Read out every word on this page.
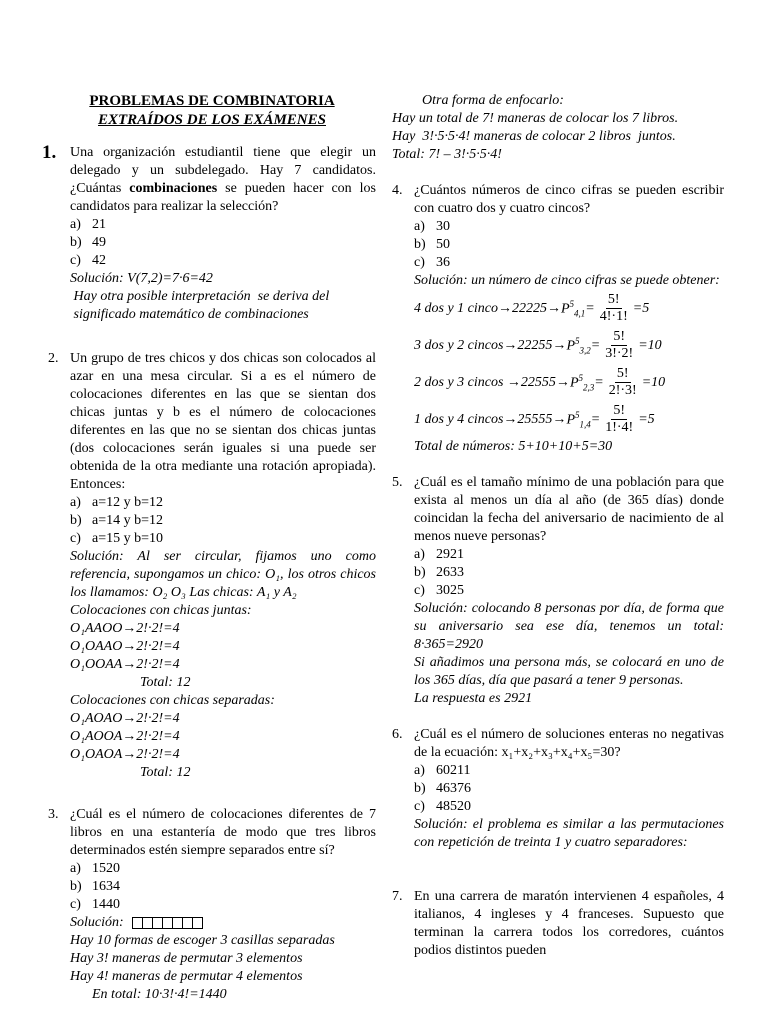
PROBLEMAS DE COMBINATORIA
EXTRAÍDOS DE LOS EXÁMENES
1. Una organización estudiantil tiene que elegir un delegado y un subdelegado. Hay 7 candidatos. ¿Cuántas combinaciones se pueden hacer con los candidatos para realizar la selección?
a) 21
b) 49
c) 42
Solución: V(7,2)=7·6=42
Hay otra posible interpretación  se deriva del
significado matemático de combinaciones
2. Un grupo de tres chicos y dos chicas son colocados al azar en una mesa circular. Si a es el número de colocaciones diferentes en las que se sientan dos chicas juntas y b es el número de colocaciones diferentes en las que no se sientan dos chicas juntas (dos colocaciones serán iguales si una puede ser obtenida de la otra mediante una rotación apropiada). Entonces:
a) a=12 y b=12
b) a=14 y b=12
c) a=15 y b=10
Solución: Al ser circular, fijamos uno como referencia, supongamos un chico: O₁, los otros chicos los llamamos: O₂ O₃ Las chicas: A₁ y A₂
Colocaciones con chicas juntas:
O₁AAOO→2!·2!=4
O₁OAAO→2!·2!=4
O₁OOAA→2!·2!=4
Total: 12
Colocaciones con chicas separadas:
O₁AOAO→2!·2!=4
O₁AOOA→2!·2!=4
O₁OAOA→2!·2!=4
Total: 12
3. ¿Cuál es el número de colocaciones diferentes de 7 libros en una estantería de modo que tres libros determinados estén siempre separados entre sí?
a) 1520
b) 1634
c) 1440
Solución:
Hay 10 formas de escoger 3 casillas separadas
Hay 3! maneras de permutar 3 elementos
Hay 4! maneras de permutar 4 elementos
En total: 10·3!·4!=1440
Otra forma de enfocarlo:
Hay un total de 7! maneras de colocar los 7 libros.
Hay  3!·5·5·4! maneras de colocar 2 libros  juntos.
Total: 7! – 3!·5·5·4!
4. ¿Cuántos números de cinco cifras se pueden escribir con cuatro dos y cuatro cincos?
a) 30
b) 50
c) 36
Solución: un número de cinco cifras se puede obtener:
4 dos y 1 cinco→22225→ $P^5_{4,1} = \frac{5!}{4!\cdot 1!} =5$
3 dos y 2 $cincos\to 22255\to P^5_{3,2} = \frac{5!}{3!\cdot 2!} =10$
2 dos y 3 $cincos \to 22555\to P^5_{2,3} = \frac{5!}{2!\cdot 3!} =10$
1 dos y 4 $cincos\to 25555\to P^5_{1,4} = \frac{5!}{1!\cdot 4!} =5$
Total de números: 5+10+10+5=30
5. ¿Cuál es el tamaño mínimo de una población para que exista al menos un día al año (de 365 días) donde coincidan la fecha del aniversario de nacimiento de al menos nueve personas?
a) 2921
b) 2633
c) 3025
Solución: colocando 8 personas por día, de forma que su aniversario sea ese día, tenemos un total: 8·365=2920
Si añadimos una persona más, se colocará en uno de los 365 días, día que pasará a tener 9 personas.
La respuesta es 2921
6. ¿Cuál es el número de soluciones enteras no negativas de la ecuación: x₁+x₂+x₃+x₄+x₅=30?
a) 60211
b) 46376
c) 48520
Solución: el problema es similar a las permutaciones con repetición de treinta 1 y cuatro separadores:
7. En una carrera de maratón intervienen 4 españoles, 4 italianos, 4 ingleses y 4 franceses. Supuesto que terminan la carrera todos los corredores, cuántos podios distintos pueden
